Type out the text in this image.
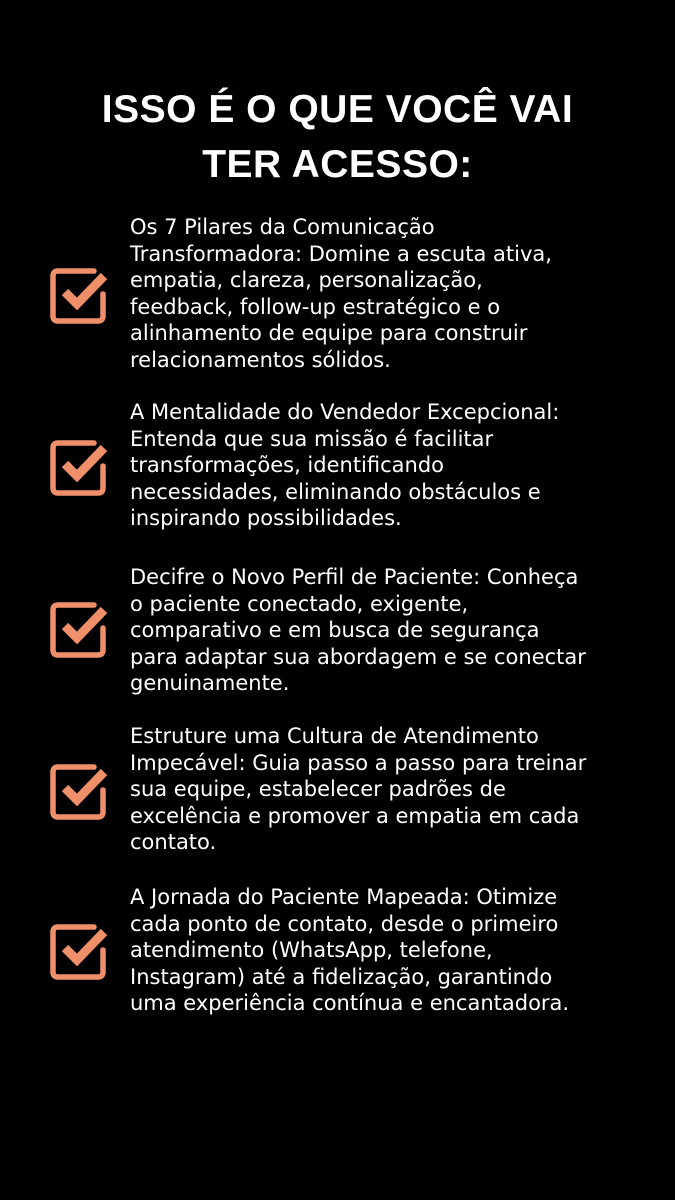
ISSO É O QUE VOCÊ VAI
TER ACESSO:
Os 7 Pilares da Comunicação
Transformadora: Domine a escuta ativa,
empatia, clareza, personalização,
feedback, follow-up estratégico e o
alinhamento de equipe para construir
relacionamentos sólidos.
A Mentalidade do Vendedor Excepcional:
Entenda que sua missão é facilitar
transformações, identificando
necessidades, eliminando obstáculos e
inspirando possibilidades.
Decifre o Novo Perfil de Paciente: Conheça
o paciente conectado, exigente,
comparativo e em busca de segurança
para adaptar sua abordagem e se conectar
genuinamente.
Estruture uma Cultura de Atendimento
Impecável: Guia passo a passo para treinar
sua equipe, estabelecer padrões de
excelência e promover a empatia em cada
contato.
A Jornada do Paciente Mapeada: Otimize
cada ponto de contato, desde o primeiro
atendimento (WhatsApp, telefone,
Instagram) até a fidelização, garantindo
uma experiência contínua e encantadora.
